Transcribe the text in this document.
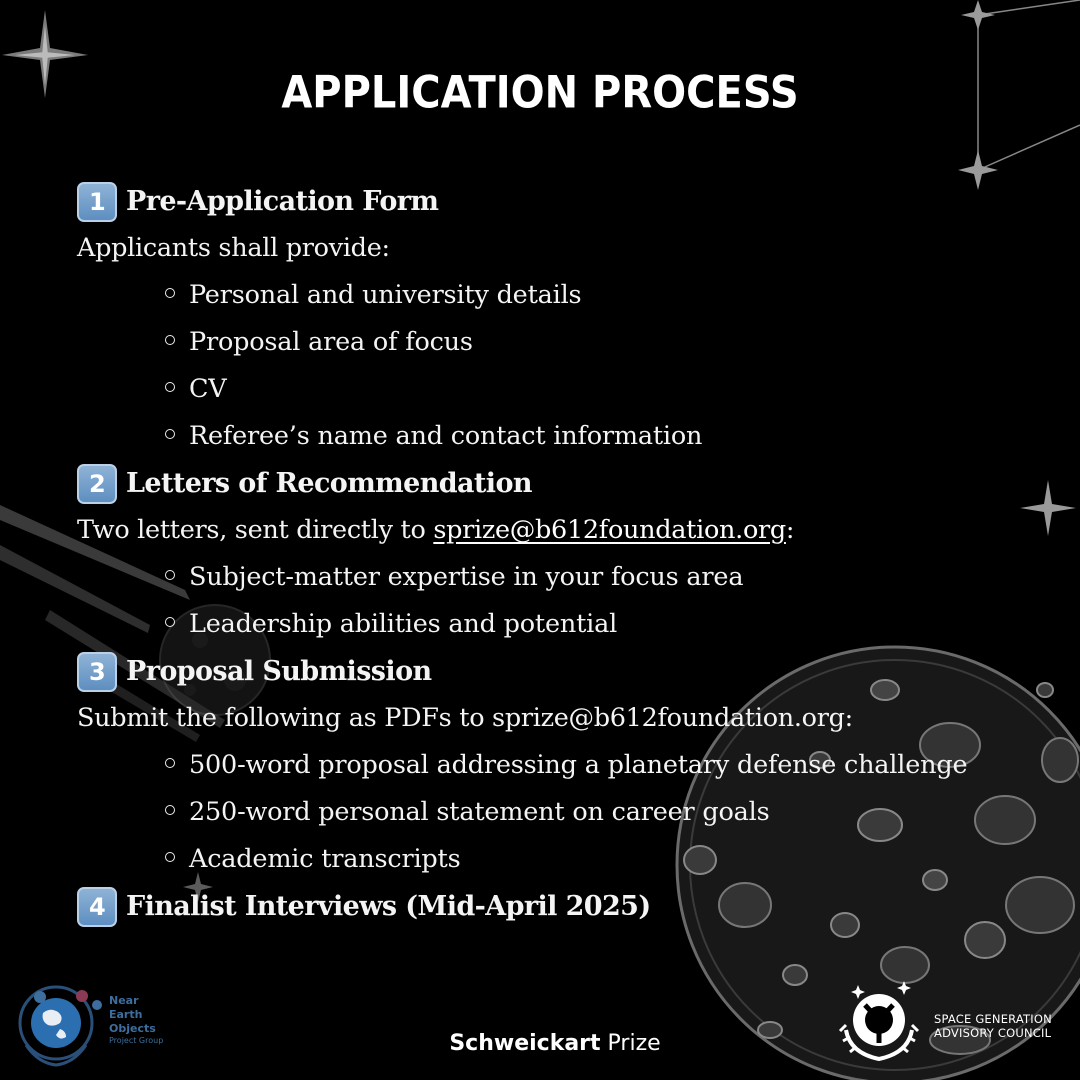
APPLICATION PROCESS
1 Pre-Application Form
Applicants shall provide:
Personal and university details
Proposal area of focus
CV
Referee’s name and contact information
2 Letters of Recommendation
Two letters, sent directly to sprize@b612foundation.org:
Subject-matter expertise in your focus area
Leadership abilities and potential
3 Proposal Submission
Submit the following as PDFs to sprize@b612foundation.org:
500-word proposal addressing a planetary defense challenge
250-word personal statement on career goals
Academic transcripts
4 Finalist Interviews (Mid-April 2025)
Near
Earth
Objects
Project Group	Schweickart Prize
SPACE GENERATION
ADVISORY COUNCIL
